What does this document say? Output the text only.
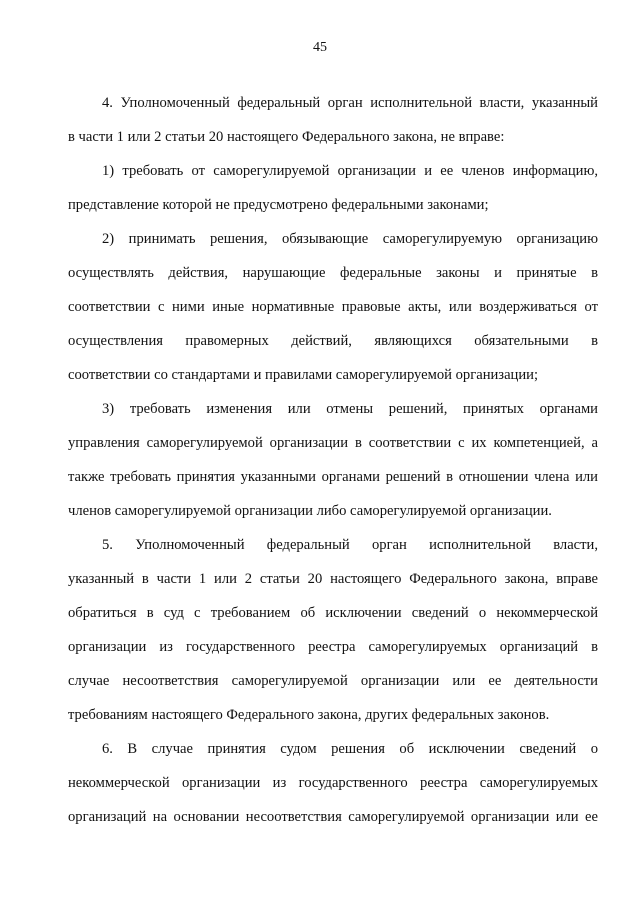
45
4. Уполномоченный федеральный орган исполнительной власти, указанный
в части 1 или 2 статьи 20 настоящего Федерального закона, не вправе:
1) требовать от саморегулируемой организации и ее членов информацию,
представление которой не предусмотрено федеральными законами;
2) принимать решения, обязывающие саморегулируемую организацию
осуществлять действия, нарушающие федеральные законы и принятые в
соответствии с ними иные нормативные правовые акты, или воздерживаться от
осуществления правомерных действий, являющихся обязательными в
соответствии со стандартами и правилами саморегулируемой организации;
3) требовать изменения или отмены решений, принятых органами
управления саморегулируемой организации в соответствии с их компетенцией, а
также требовать принятия указанными органами решений в отношении члена или
членов саморегулируемой организации либо саморегулируемой организации.
5. Уполномоченный федеральный орган исполнительной власти,
указанный в части 1 или 2 статьи 20 настоящего Федерального закона, вправе
обратиться в суд с требованием об исключении сведений о некоммерческой
организации из государственного реестра саморегулируемых организаций в
случае несоответствия саморегулируемой организации или ее деятельности
требованиям настоящего Федерального закона, других федеральных законов.
6. В случае принятия судом решения об исключении сведений о
некоммерческой организации из государственного реестра саморегулируемых
организаций на основании несоответствия саморегулируемой организации или ее
